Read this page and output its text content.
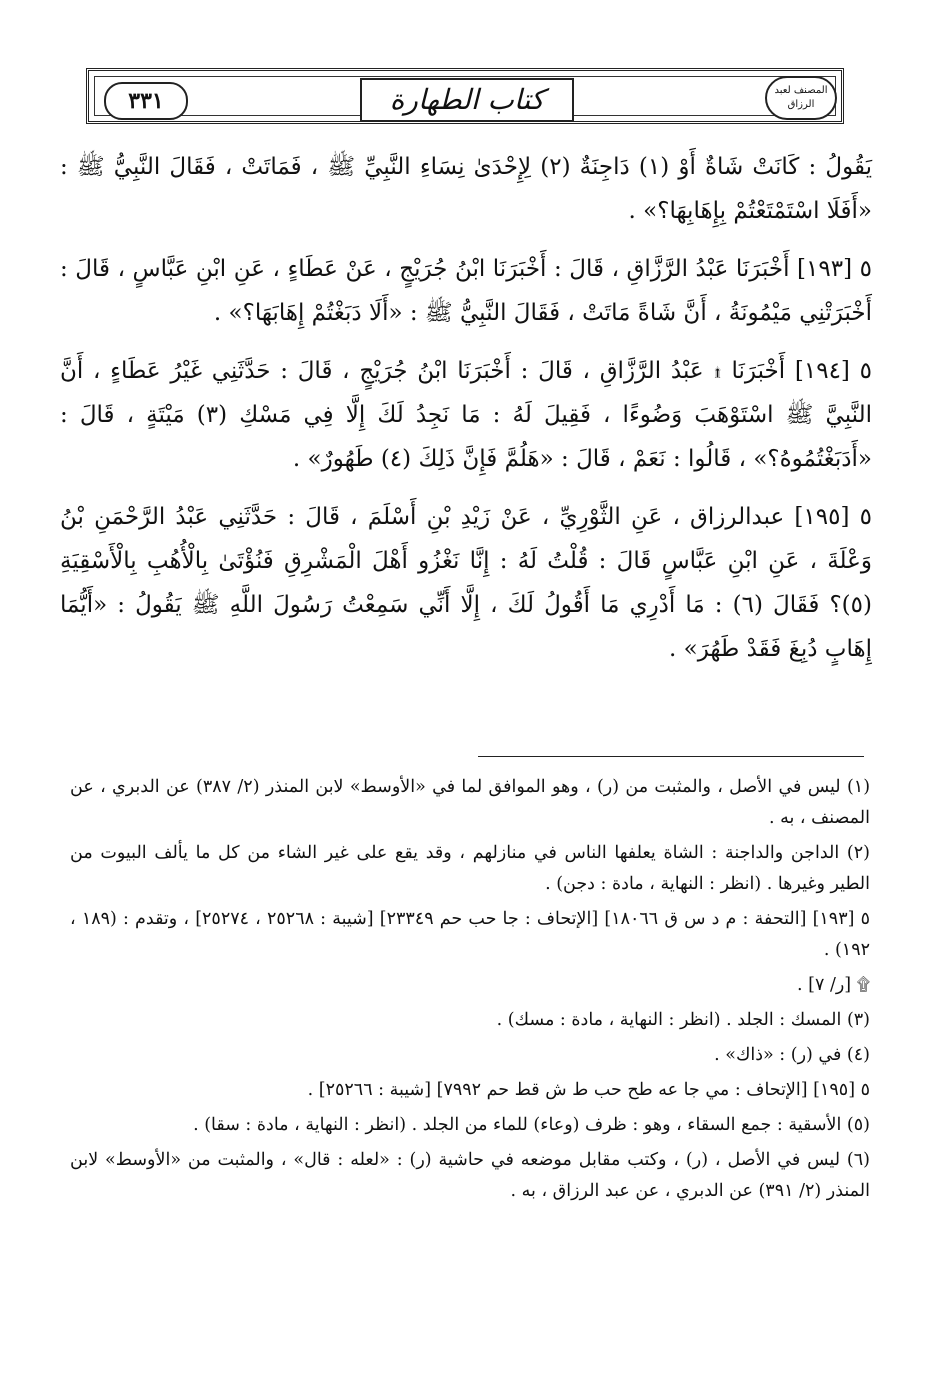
٣٣١	كتاب الطهارة	المصنف لعبد الرزاق

يَقُولُ : كَانَتْ شَاةٌ أَوْ (١) دَاجِنَةٌ (٢) لِإِحْدَىٰ نِسَاءِ النَّبِيِّ ﷺ ، فَمَاتَتْ ، فَقَالَ النَّبِيُّ ﷺ : «أَفَلَا اسْتَمْتَعْتُمْ بِإِهَابِهَا؟» .

٥ [١٩٣] أَخْبَرَنَا عَبْدُ الرَّزَّاقِ ، قَالَ : أَخْبَرَنَا ابْنُ جُرَيْجٍ ، عَنْ عَطَاءٍ ، عَنِ ابْنِ عَبَّاسٍ ، قَالَ : أَخْبَرَتْنِي مَيْمُونَةُ ، أَنَّ شَاةً مَاتَتْ ، فَقَالَ النَّبِيُّ ﷺ : «أَلَا دَبَغْتُمْ إِهَابَهَا؟» .

٥ [١٩٤] أَخْبَرَنَا ۩ عَبْدُ الرَّزَّاقِ ، قَالَ : أَخْبَرَنَا ابْنُ جُرَيْجٍ ، قَالَ : حَدَّثَنِي غَيْرُ عَطَاءٍ ، أَنَّ النَّبِيَّ ﷺ اسْتَوْهَبَ وَضُوءًا ، فَقِيلَ لَهُ : مَا نَجِدُ لَكَ إِلَّا فِي مَسْكِ (٣) مَيْتَةٍ ، قَالَ : «أَدَبَغْتُمُوهُ؟» ، قَالُوا : نَعَمْ ، قَالَ : «هَلُمَّ فَإِنَّ ذَلِكَ (٤) طَهُورٌ» .

٥ [١٩٥] عبدالرزاق ، عَنِ الثَّوْرِيِّ ، عَنْ زَيْدِ بْنِ أَسْلَمَ ، قَالَ : حَدَّثَنِي عَبْدُ الرَّحْمَنِ بْنُ وَعْلَةَ ، عَنِ ابْنِ عَبَّاسٍ قَالَ : قُلْتُ لَهُ : إِنَّا نَغْزُو أَهْلَ الْمَشْرِقِ فَنُؤْتَىٰ بِالْأُهُبِ بِالْأَسْقِيَةِ (٥)؟ فَقَالَ (٦) : مَا أَدْرِي مَا أَقُولُ لَكَ ، إِلَّا أَنِّي سَمِعْتُ رَسُولَ اللَّهِ ﷺ يَقُولُ : «أَيُّمَا إِهَابٍ دُبِغَ فَقَدْ طَهُرَ» .

(١) ليس في الأصل ، والمثبت من (ر) ، وهو الموافق لما في «الأوسط» لابن المنذر (٢/ ٣٨٧) عن الدبري ، عن المصنف ، به .

(٢) الداجن والداجنة : الشاة يعلفها الناس في منازلهم ، وقد يقع على غير الشاء من كل ما يألف البيوت من الطير وغيرها . (انظر : النهاية ، مادة : دجن) .

٥ [١٩٣] [التحفة : م د س ق ١٨٠٦٦] [الإتحاف : جا حب حم ٢٣٣٤٩] [شيبة : ٢٥٢٦٨ ، ٢٥٢٧٤] ، وتقدم : (١٨٩ ، ١٩٢) .

۩ [ر/ ٧] .

(٣) المسك : الجلد . (انظر : النهاية ، مادة : مسك) .

(٤) في (ر) : «ذاك» .

٥ [١٩٥] [الإتحاف : مي جا عه طح حب ط ش قط حم ٧٩٩٢] [شيبة : ٢٥٢٦٦] .

(٥) الأسقية : جمع السقاء ، وهو : ظرف (وعاء) للماء من الجلد . (انظر : النهاية ، مادة : سقا) .

(٦) ليس في الأصل ، (ر) ، وكتب مقابل موضعه في حاشية (ر) : «لعله : قال» ، والمثبت من «الأوسط» لابن المنذر (٢/ ٣٩١) عن الدبري ، عن عبد الرزاق ، به .
